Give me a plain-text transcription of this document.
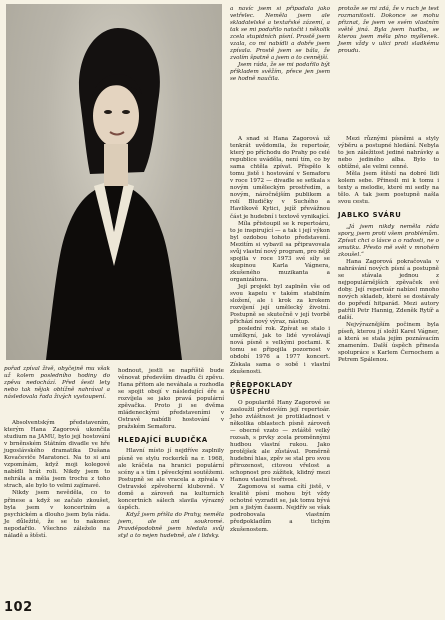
a navíc jsem si připadala jako vetřelec. Neměla jsem ale skladatelské a textařské zázemí, a tak se mi podařilo natočit i několik zcela stupidních písní. Prostě jsem vzala, co mi nabídli a dobře jsem zpívala. Prostě jsem se bála, že zvolím špatně a jsem o to cennější.

Jsem ráda, že se mi podařilo být příkladem svěžím, přece jen jsem se hodně naučila.

protože se mi zdá, že v ruch je test rozmanitosti. Dokonce se mohu přiznat, že jsem ve svém vlastním světě jiná. Byla jsem hudba, se kterou jsem měla plno myšlenek. Jsem vždy v ulici proti sladkému proudu.

pořad zpíval živě, obyčejně mu však už kolem posledního hodiny do zpěvu nedochází. Před šesti lety nebo tak nějak obtížně nahrával a následovala řada živých vystoupení.

Absolventským představením, kterým Hana Zagorová ukončila studium na JAMU, bylo její hostování v brněnském Státním divadle ve hře jugoslávského dramatika Dušana Kovačeviče Maratonci. Na to si ani vzpomínám, když moji kolegové nabídli hrát roli. Nikdy jsem to nehrála a měla jsem trochu z toho strach, ale bylo to velmi zajímavé.

Nikdy jsem nevěděla, co to přinese a když se začalo zkoušet, byla jsem v koncertním a psychickém a dlouho jsem byla ráda. Je důležité, že se to nakonec nepodařilo. Všechno záleželo na náladě a štěstí.

hodnout, jestli se napříště bude věnovat především divadlu či zpěvu. Hana přitom ale neváhala a rozhodla se spojit obojí v následující éře a rozvíjela se jako pravá populární zpěvačka. Proto ji se dvěma mládeneckými představeními v Ostravě nabídli hostování v pražském Semaforu.

HLEDAJÍCÍ BLUDIČKA

Hlavní místo jí nejdříve zaplnily písně ve stylu rockerků na r. 1968, ale kráčela na hranici populární scény a s tím i pěveckými soutěžemi. Postupně se ale vracela a zpívala v Ostravské zpěvoherní klubovně. V domě a zároveň na kulturních koncertních sálech slavila výrazný úspěch.

Když jsem přišla do Prahy, neměla jsem, ale ani soukromé. Pravděpodobně jsem hledala svůj styl a to nejen hudebně, ale i lidsky.

A snad si Hana Zagorová už tenkrát uvědomila, že repertoár, který po příchodu do Prahy po celé republice uváděla, není tím, co by sama chtěla zpívat. Přispělo k tomu jistě i hostování v Semaforu v roce 1972 — divadle se setkala s novým uměleckým prostředím, a novým, náročnějším publikem a rolí Bludičky v Suchého a Havlíkově Kytici, jejíž převážnou část je hudební i textově vynikající.

Míla přistoupil se k repertoáru, to je inspirující — a tak i její výkon byl ozdobou tohoto představení. Mezitím si vybavil sa připravovala svůj vlastní nový program, pro nějž spojila v roce 1973 své síly se skupinou Karla Vágnera, zkušeného muzikanta a organizátora.

Její projekt byl zaplněn vše od svou kapelu v takém stabilním složení, ale i krok za krokem rozvíjení její umělecký životní. Postupně se skutečně v její tvorbě přichází nový výraz, nástup.

poslední rok. Zpívat se stalo i umělkyní, jak to lidé vyvolávají nová písně s velkými poctami. K tomu se připojila pozornost v období 1976 a 1977 koncert. Získala sama o sobě i vlastní zkušenosti.

PŘEDPOKLADY ÚSPĚCHU

O popularitě Hany Zagorové se zasloužil především její repertoár. Jeho zvláštnost je protikladnost v několika oblastech písně zároveň — obecné vzato — zvláště velký rozsah, s prvky zcela proměnnými hudbou vlastní rukou. Jako protějšek ale zůstával. Poměrně hudební hlas, zpěv se stal pro svou přirozenost, citovou vřelost a schopnost pro zážitek, klidný mezi Hanou vlastní tvořivost.

Zagomova si sama cítí jistě, v kvalitě písní mohou být vždy ochotné vyzradit se, jak tomu bývá jen s jistým časem. Nejdřív se však podrobovala vlastním předpokladům a tichým zkušenostem.

Mezi různými písněmi a styly výběru a postupné hledání. Nebyla to jen záležitost jediné nahrávky a nebo jediného alba. Bylo to obtížné, ale velmi cenné.

Měla jsem štěstí na dobré lidi kolem sebe. Přinesli mi k tomu i texty a melodie, které mi sedly na tělo. A tak jsem postupně našla svou cestu.

JABLKO SVÁRU

„Já jsem nikdy neměla ráda spory, jsem proti všem problémům. Zpívat chci o lásce a o radosti, ne o smutku. Přesto mě svět v mnohém zkoušel.“

Hana Zagorová pokračovala v nahrávání nových písní a postupně se stávala jednou z nejpopulárnějších zpěvaček své doby. Její repertoár nabízel mnoho nových skladeb, které se dostávaly do popředí hitparád. Mezi autory patřili Petr Hannig, Zdeněk Rytíř a další.

Nejvýraznějším počinem byla píseň, kterou jí složil Karel Vágner, a která se stala jejím poznávacím znamením. Další úspěch přinesla spolupráce s Karlem Černochem a Petrem Spálenou.

102
